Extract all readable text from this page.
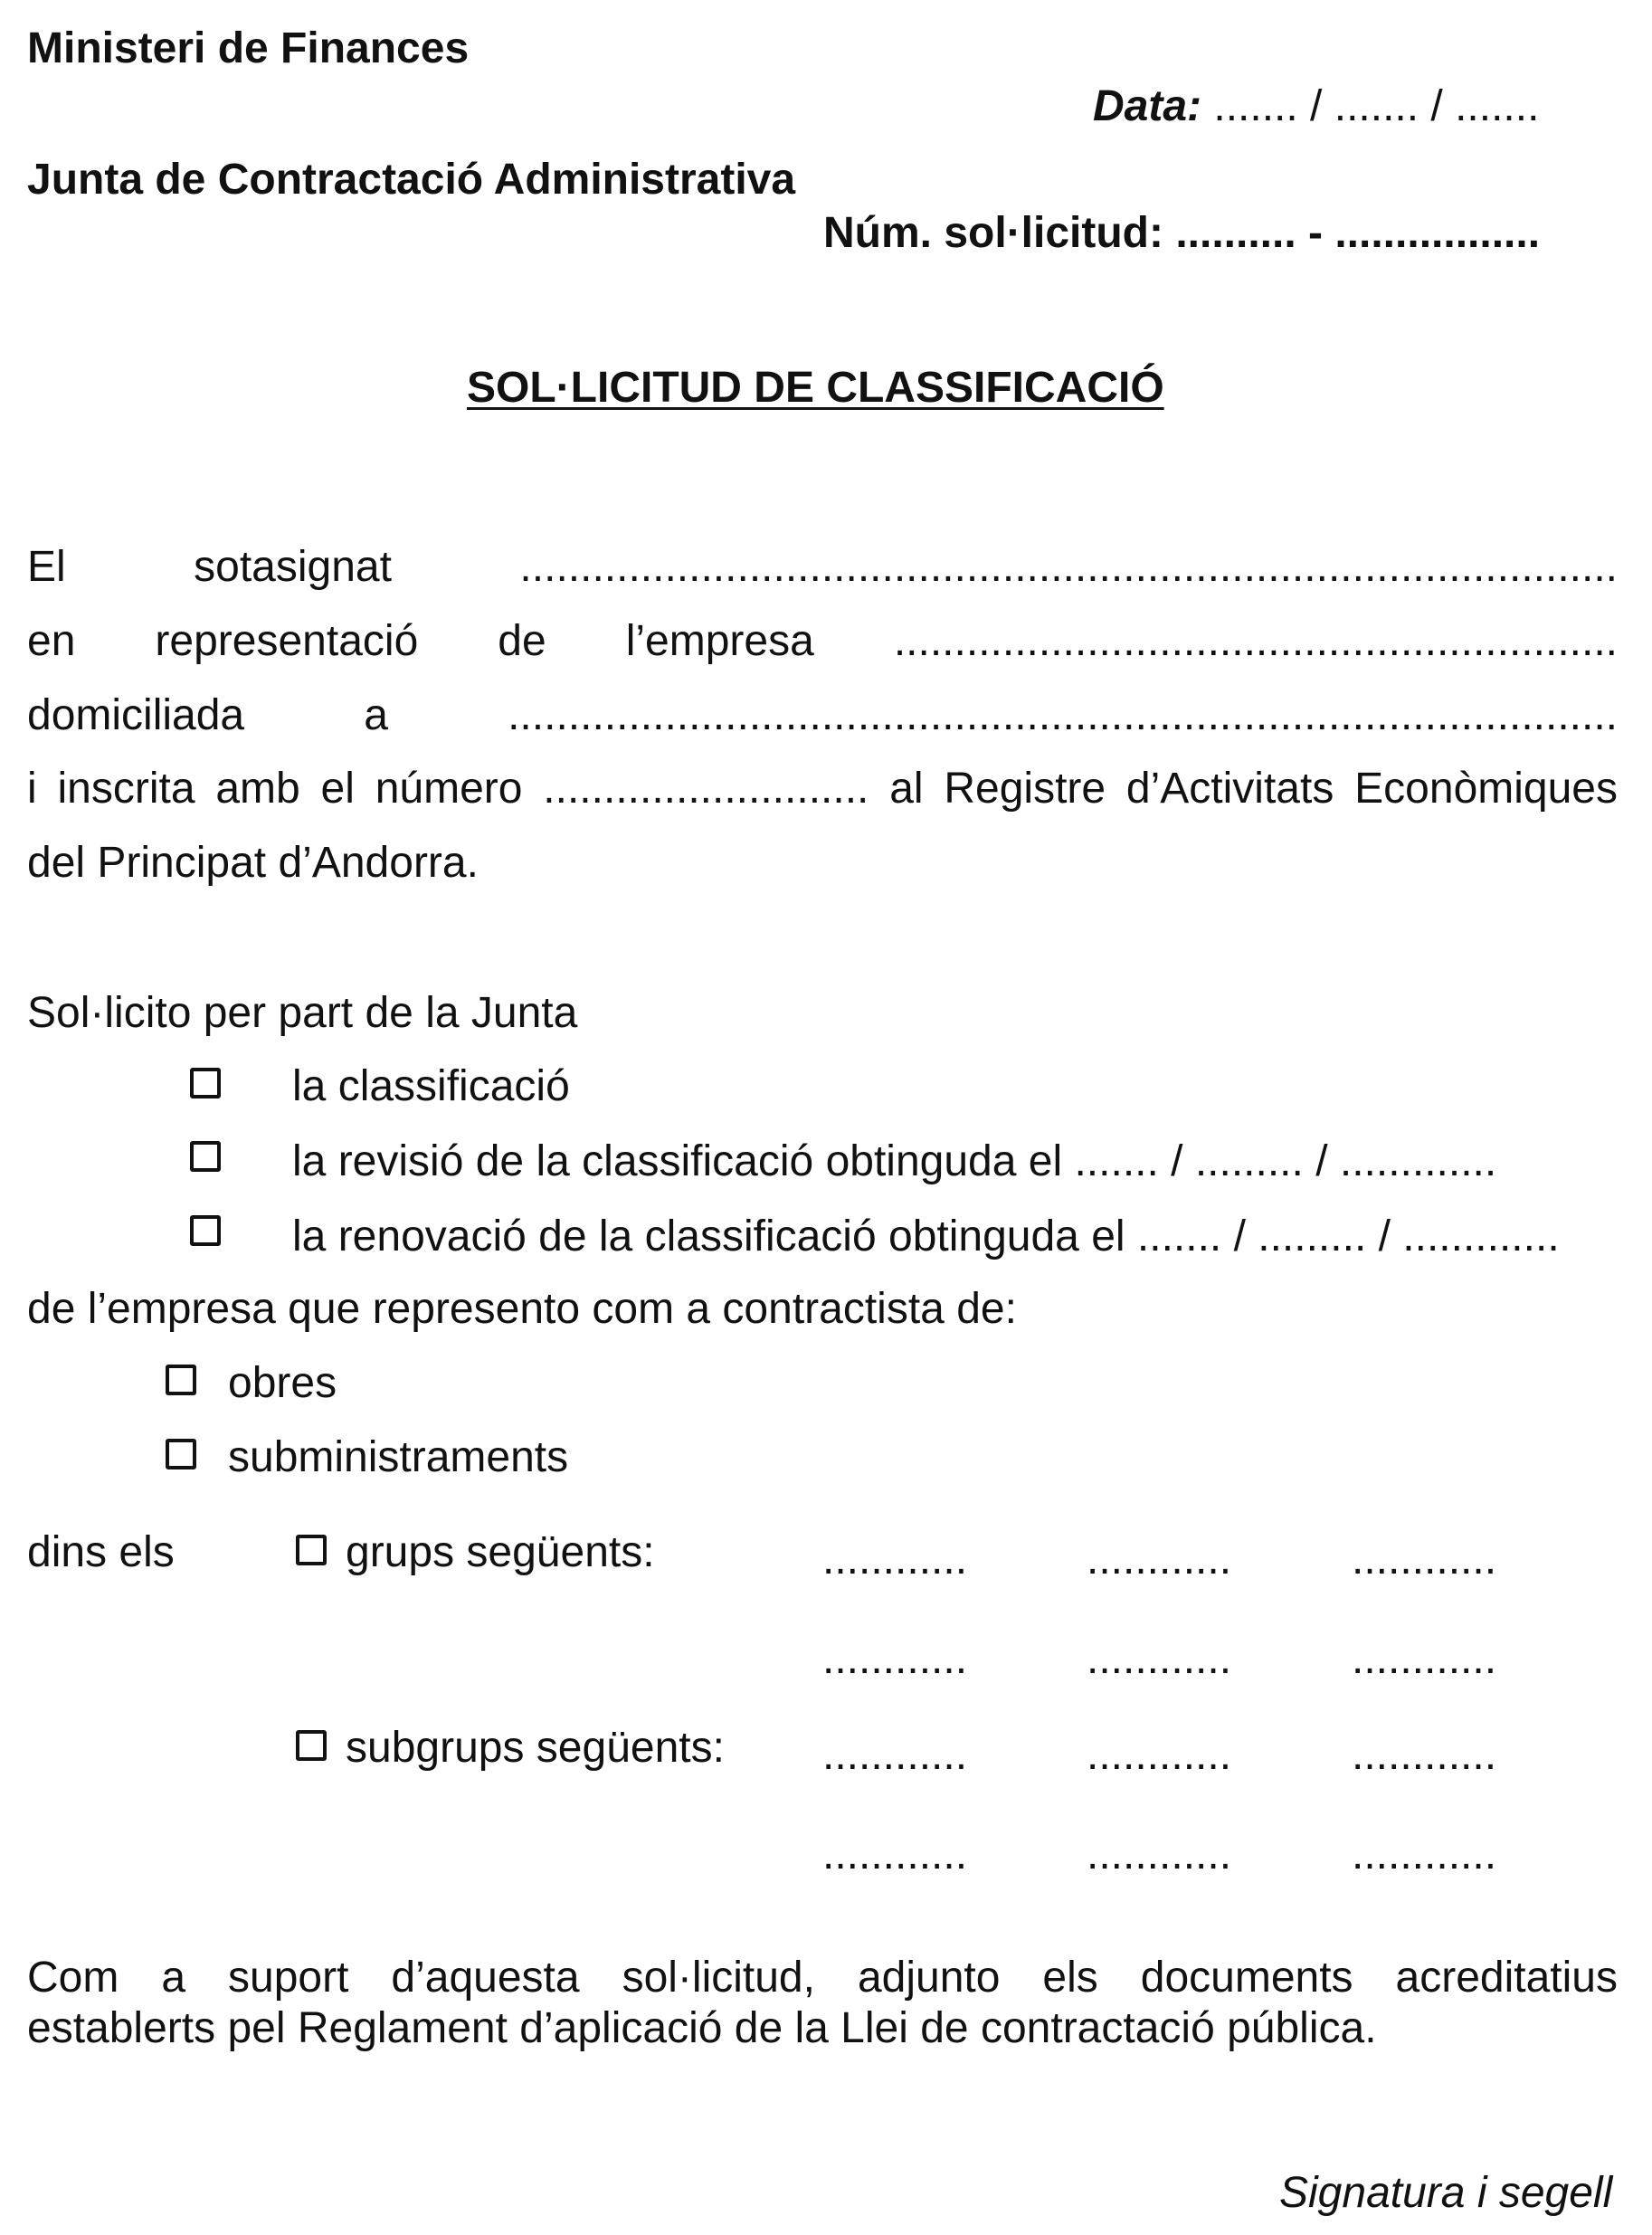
Ministeri de Finances
Data: ....... / ....... / .......
Junta de Contractació Administrativa
Núm. sol·licitud: .......... - .................
SOL·LICITUD DE CLASSIFICACIÓ
El sotasignat ...........................................................................................
en representació de l’empresa ............................................................
domiciliada a ............................................................................................
i inscrita amb el número ........................... al Registre d’Activitats Econòmiques
del Principat d’Andorra.
Sol·licito per part de la Junta
la classificació
la revisió de la classificació obtinguda el ....... / ......... / .............
la renovació de la classificació obtinguda el ....... / ......... / .............
de l’empresa que represento com a contractista de:
obres
subministraments
dins els	grups següents:	............	............	............
............	............	............
subgrups següents: ............	............	............
............	............	............
Com a suport d’aquesta sol·licitud, adjunto els documents acreditatius
establerts pel Reglament d’aplicació de la Llei de contractació pública.
Signatura i segell
